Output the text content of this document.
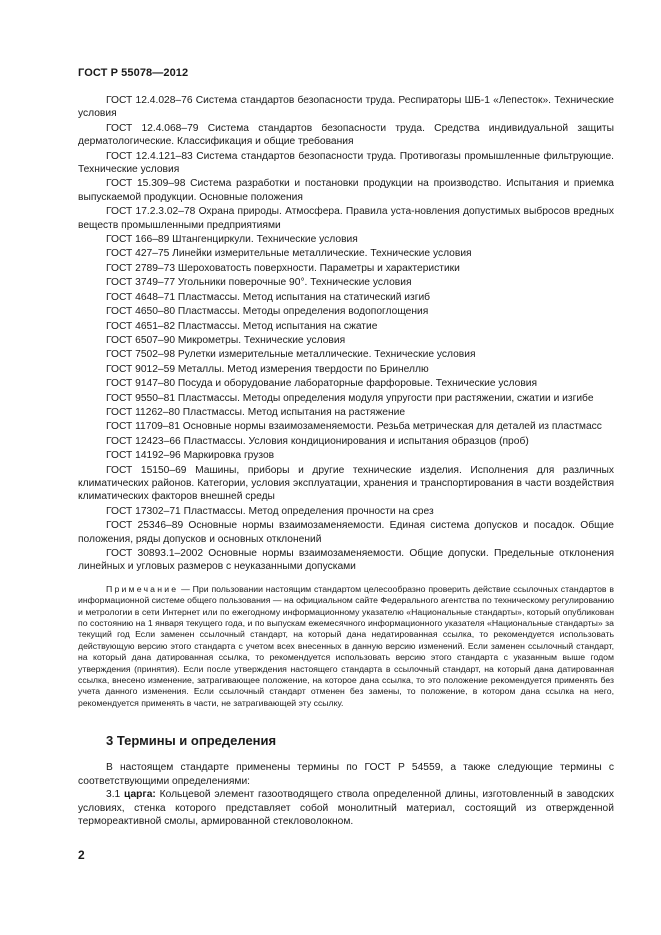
ГОСТ Р 55078—2012

ГОСТ 12.4.028–76 Система стандартов безопасности труда. Респираторы ШБ-1 «Лепесток». Технические условия

ГОСТ 12.4.068–79 Система стандартов безопасности труда. Средства индивидуальной защиты дерматологические. Классификация и общие требования

ГОСТ 12.4.121–83 Система стандартов безопасности труда. Противогазы промышленные фильтрующие. Технические условия

ГОСТ 15.309–98 Система разработки и постановки продукции на производство. Испытания и приемка выпускаемой продукции. Основные положения

ГОСТ 17.2.3.02–78 Охрана природы. Атмосфера. Правила уста-новления допустимых выбросов вредных веществ промышленными предприятиями

ГОСТ 166–89 Штангенциркули. Технические условия

ГОСТ 427–75 Линейки измерительные металлические. Технические условия

ГОСТ 2789–73 Шероховатость поверхности. Параметры и характеристики

ГОСТ 3749–77 Угольники поверочные 90°. Технические условия

ГОСТ 4648–71 Пластмассы. Метод испытания на статический изгиб

ГОСТ 4650–80 Пластмассы. Методы определения водопоглощения

ГОСТ 4651–82 Пластмассы. Метод испытания на сжатие

ГОСТ 6507–90 Микрометры. Технические условия

ГОСТ 7502–98 Рулетки измерительные металлические. Технические условия

ГОСТ 9012–59 Металлы. Метод измерения твердости по Бринеллю

ГОСТ 9147–80 Посуда и оборудование лабораторные фарфоровые. Технические условия

ГОСТ 9550–81 Пластмассы. Методы определения модуля упругости при растяжении, сжатии и изгибе

ГОСТ 11262–80 Пластмассы. Метод испытания на растяжение

ГОСТ 11709–81 Основные нормы взаимозаменяемости. Резьба метрическая для деталей из пластмасс

ГОСТ 12423–66 Пластмассы. Условия кондиционирования и испытания образцов (проб)

ГОСТ 14192–96 Маркировка грузов

ГОСТ 15150–69 Машины, приборы и другие технические изделия. Исполнения для различных климатических районов. Категории, условия эксплуатации, хранения и транспортирования в части воздействия климатических факторов внешней среды

ГОСТ 17302–71 Пластмассы. Метод определения прочности на срез

ГОСТ 25346–89 Основные нормы взаимозаменяемости. Единая система допусков и посадок. Общие положения, ряды допусков и основных отклонений

ГОСТ 30893.1–2002 Основные нормы взаимозаменяемости. Общие допуски. Предельные отклонения линейных и угловых размеров с неуказанными допусками

Примечание — При пользовании настоящим стандартом целесообразно проверить действие ссылочных стандартов в информационной системе общего пользования — на официальном сайте Федерального агентства по техническому регулированию и метрологии в сети Интернет или по ежегодному информационному указателю «Национальные стандарты», который опубликован по состоянию на 1 января текущего года, и по выпускам ежемесячного информационного указателя «Национальные стандарты» за текущий год Если заменен ссылочный стандарт, на который дана недатированная ссылка, то рекомендуется использовать действующую версию этого стандарта с учетом всех внесенных в данную версию изменений. Если заменен ссылочный стандарт, на который дана датированная ссылка, то рекомендуется использовать версию этого стандарта с указанным выше годом утверждения (принятия). Если после утверждения настоящего стандарта в ссылочный стандарт, на который дана датированная ссылка, внесено изменение, затрагивающее положение, на которое дана ссылка, то это положение рекомендуется применять без учета данного изменения. Если ссылочный стандарт отменен без замены, то положение, в котором дана ссылка на него, рекомендуется применять в части, не затрагивающей эту ссылку.

3 Термины и определения

В настоящем стандарте применены термины по ГОСТ Р 54559, а также следующие термины с соответствующими определениями:

3.1 царга: Кольцевой элемент газоотводящего ствола определенной длины, изготовленный в заводских условиях, стенка которого представляет собой монолитный материал, состоящий из отвержденной термореактивной смолы, армированной стекловолокном.

2
